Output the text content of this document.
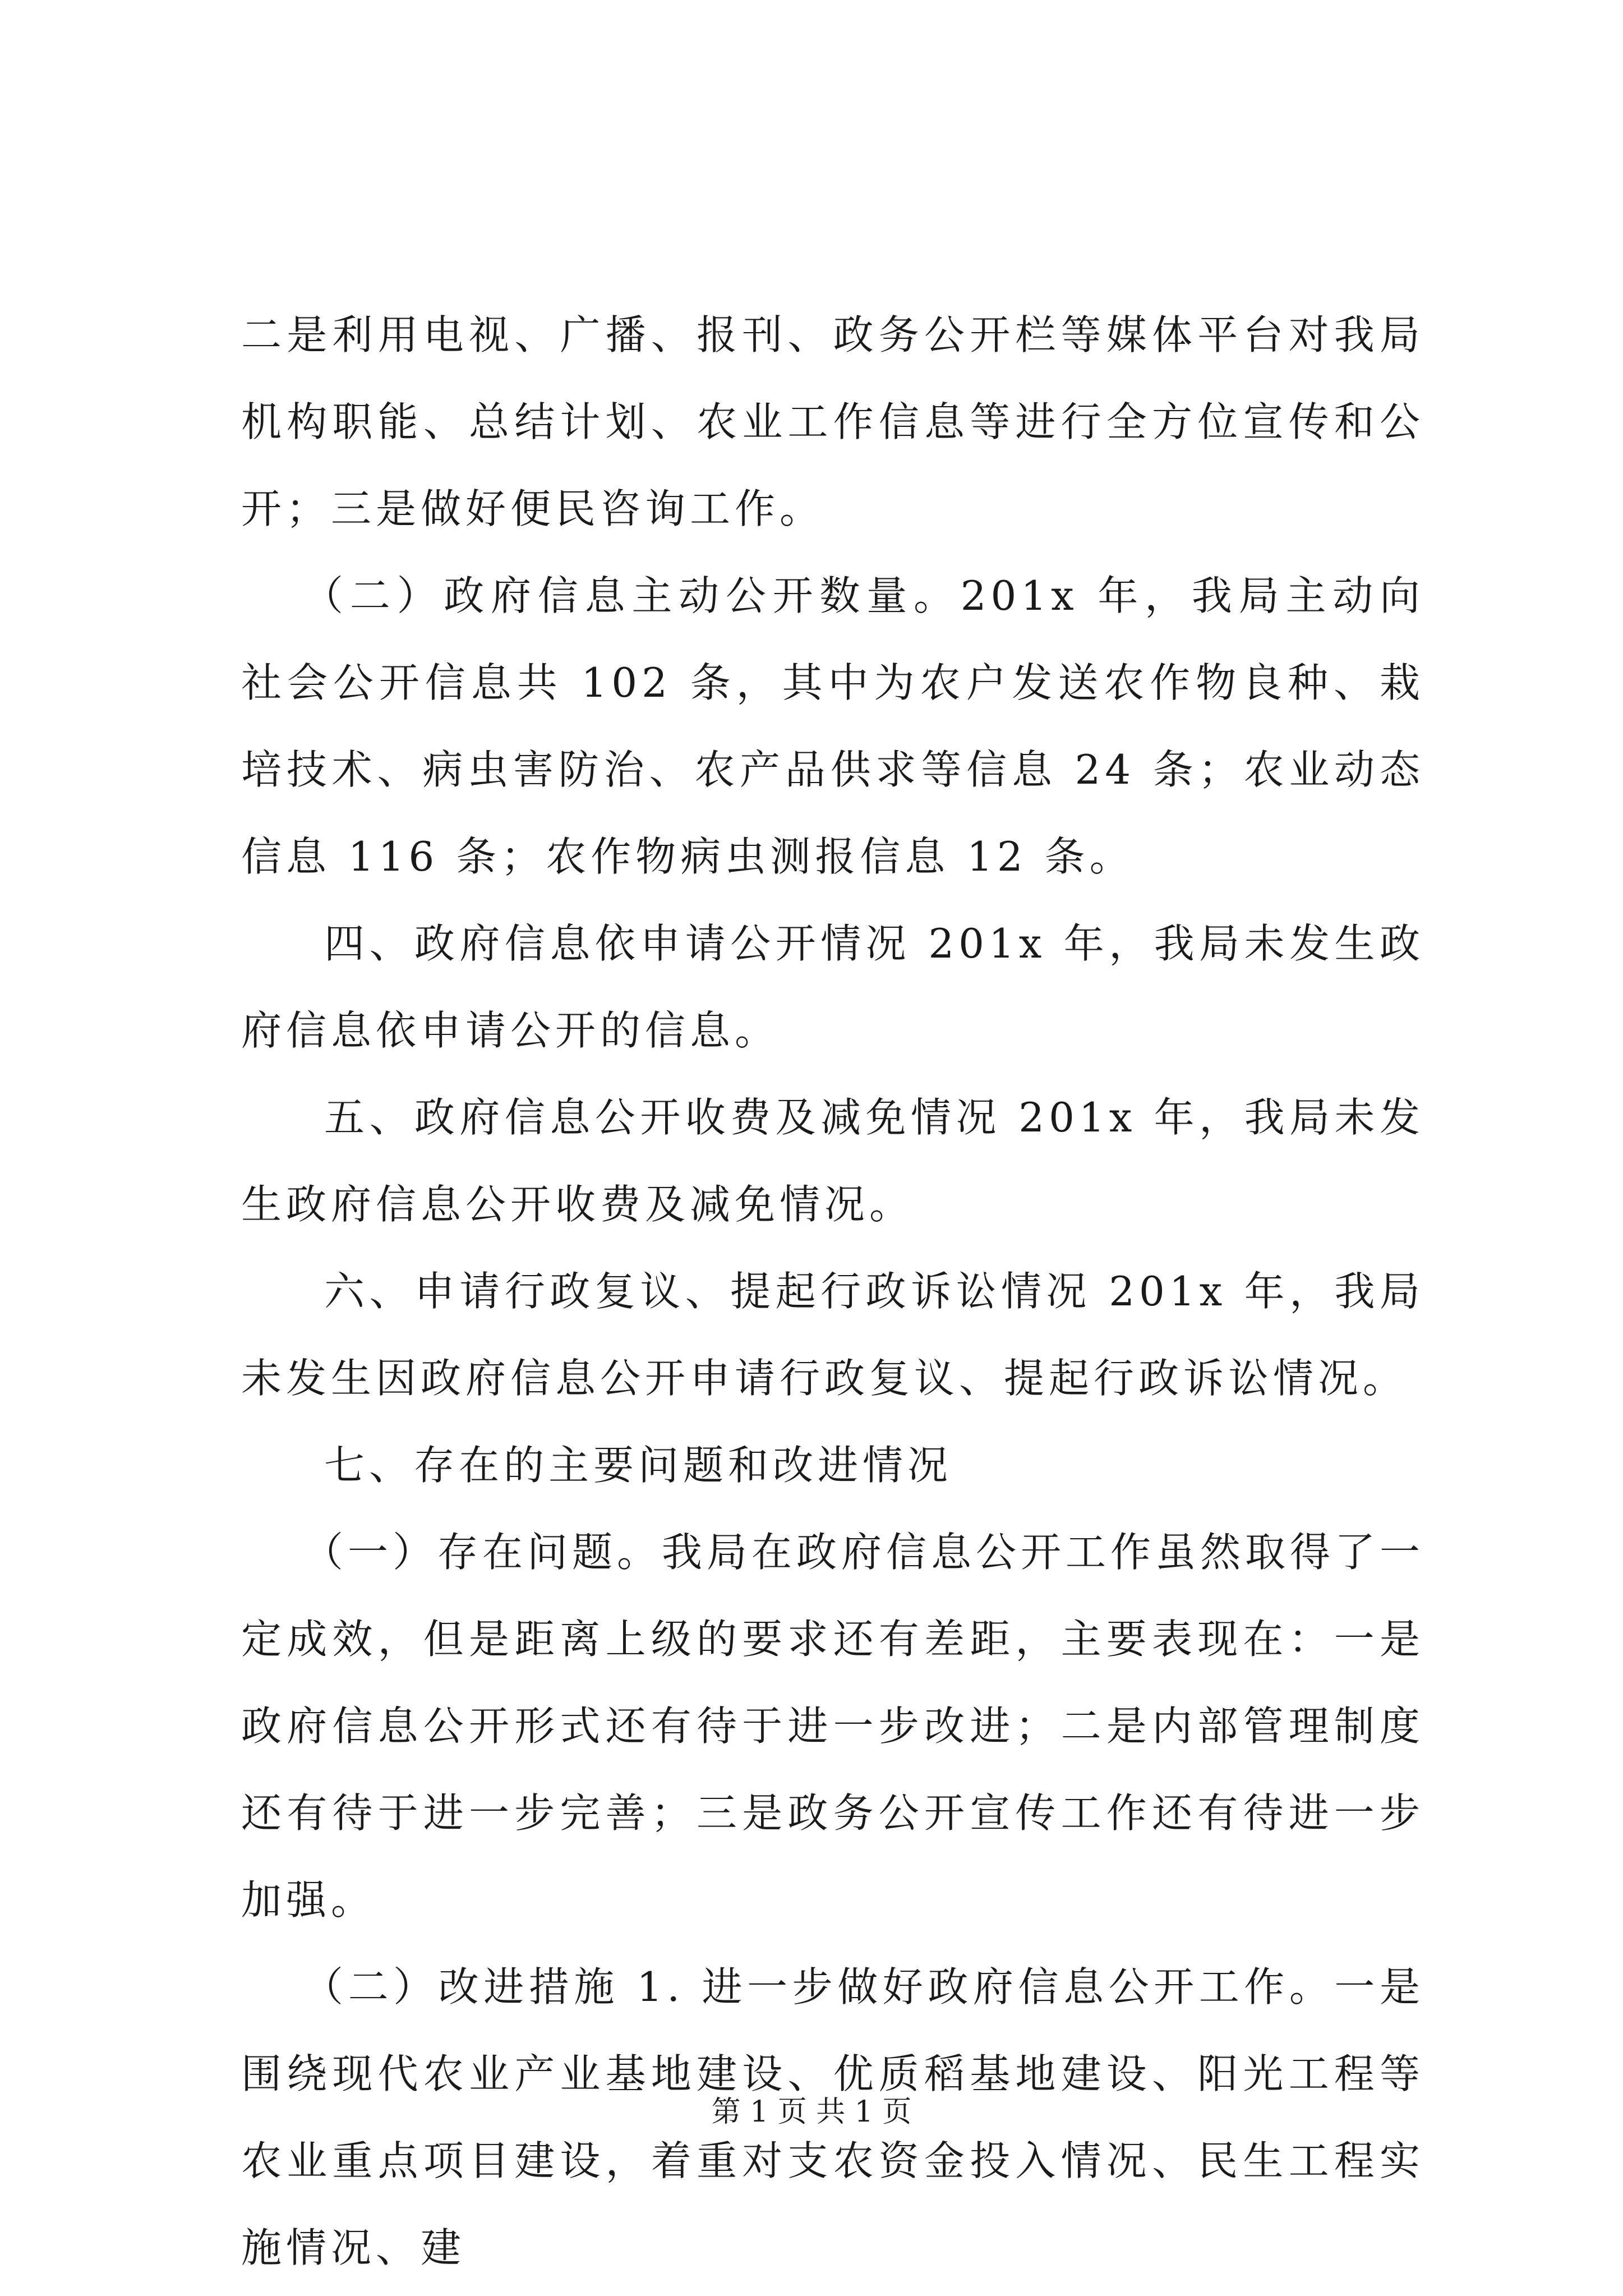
二是利用电视、广播、报刊、政务公开栏等媒体平台对我局机构职能、总结计划、农业工作信息等进行全方位宣传和公开；三是做好便民咨询工作。

（二）政府信息主动公开数量。201x 年，我局主动向社会公开信息共 102 条，其中为农户发送农作物良种、栽培技术、病虫害防治、农产品供求等信息 24 条；农业动态信息 116 条；农作物病虫测报信息 12 条。

四、政府信息依申请公开情况 201x 年，我局未发生政府信息依申请公开的信息。

五、政府信息公开收费及减免情况 201x 年，我局未发生政府信息公开收费及减免情况。

六、申请行政复议、提起行政诉讼情况 201x 年，我局未发生因政府信息公开申请行政复议、提起行政诉讼情况。

七、存在的主要问题和改进情况

（一）存在问题。我局在政府信息公开工作虽然取得了一定成效，但是距离上级的要求还有差距，主要表现在：一是政府信息公开形式还有待于进一步改进；二是内部管理制度还有待于进一步完善；三是政务公开宣传工作还有待进一步加强。

（二）改进措施 1. 进一步做好政府信息公开工作。一是围绕现代农业产业基地建设、优质稻基地建设、阳光工程等农业重点项目建设，着重对支农资金投入情况、民生工程实施情况、建

第 1 页 共 1 页
